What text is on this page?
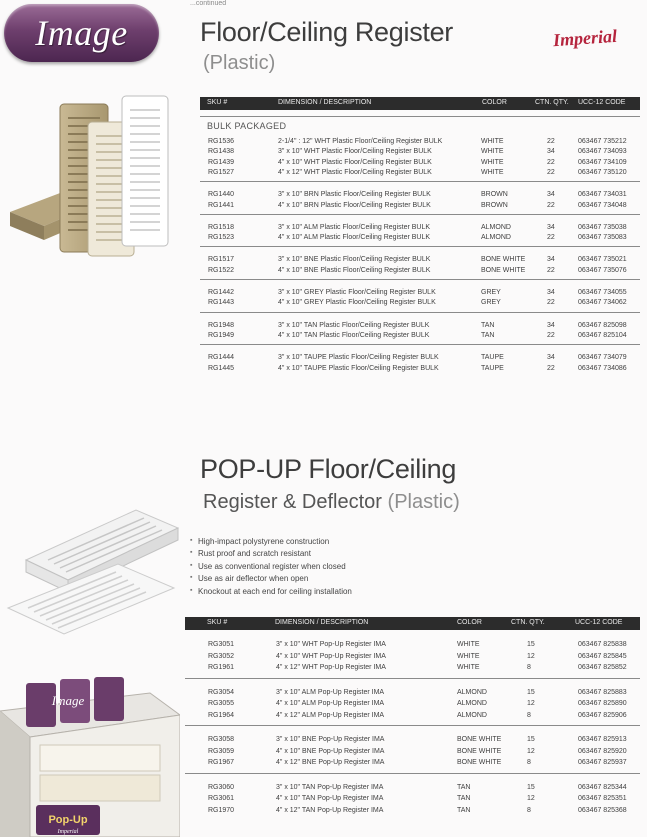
...continued
Image	Floor/Ceiling Register
(Plastic)
Imperial
SKU #	DIMENSION / DESCRIPTION	COLOR	CTN. QTY. UCC-12 CODE
BULK PACKAGED
RG1536	2-1/4" : 12" WHT Plastic Floor/Ceiling Register BULK	WHITE	22	063467 735212
RG1438	3" x 10" WHT Plastic Floor/Ceiling Register BULK	WHITE	34	063467 734093
RG1439	4" x 10" WHT Plastic Floor/Ceiling Register BULK	WHITE	22	063467 734109
RG1527	4" x 12" WHT Plastic Floor/Ceiling Register BULK	WHITE	22	063467 735120
RG1440	3" x 10" BRN Plastic Floor/Ceiling Register BULK	BROWN	34	063467 734031
RG1441	4" x 10" BRN Plastic Floor/Ceiling Register BULK	BROWN	22	063467 734048
RG1518	3" x 10" ALM Plastic Floor/Ceiling Register BULK	ALMOND	34	063467 735038
RG1523	4" x 10" ALM Plastic Floor/Ceiling Register BULK	ALMOND	22	063467 735083
RG1517	3" x 10" BNE Plastic Floor/Ceiling Register BULK	BONE WHITE	34	063467 735021
RG1522	4" x 10" BNE Plastic Floor/Ceiling Register BULK	BONE WHITE	22	063467 735076
RG1442	3" x 10" GREY Plastic Floor/Ceiling Register BULK	GREY	34	063467 734055
RG1443	4" x 10" GREY Plastic Floor/Ceiling Register BULK	GREY	22	063467 734062
RG1948	3" x 10" TAN Plastic Floor/Ceiling Register BULK	TAN	34	063467 825098
RG1949	4" x 10" TAN Plastic Floor/Ceiling Register BULK	TAN	22	063467 825104
RG1444	3" x 10" TAUPE Plastic Floor/Ceiling Register BULK	TAUPE	34	063467 734079
RG1445	4" x 10" TAUPE Plastic Floor/Ceiling Register BULK	TAUPE	22	063467 734086
POP-UP Floor/Ceiling
Register & Deflector (Plastic)
▪ High-impact polystyrene construction
▪ Rust proof and scratch resistant
▪ Use as conventional register when closed
▪ Use as air deflector when open
▪ Knockout at each end for ceiling installation
SKU #	DIMENSION / DESCRIPTION	COLOR	CTN. QTY.	UCC-12 CODE
RG3051	3" x 10" WHT Pop-Up Register IMA	WHITE	15	063467 825838
RG3052	4" x 10" WHT Pop-Up Register IMA	WHITE	12	063467 825845
RG1961	4" x 12" WHT Pop-Up Register IMA	WHITE	8	063467 825852
RG3054	3" x 10" ALM Pop-Up Register IMA	ALMOND	15	063467 825883
RG3055	4" x 10" ALM Pop-Up Register IMA	ALMOND	12	063467 825890
RG1964	4" x 12" ALM Pop-Up Register IMA	ALMOND	8	063467 825906
RG3058	3" x 10" BNE Pop-Up Register IMA	BONE WHITE	15	063467 825913
RG3059	4" x 10" BNE Pop-Up Register IMA	BONE WHITE	12	063467 825920
RG1967	4" x 12" BNE Pop-Up Register IMA	BONE WHITE	8	063467 825937
RG3060	3" x 10" TAN Pop-Up Register IMA	TAN	15	063467 825344
RG3061	4" x 10" TAN Pop-Up Register IMA	TAN	12	063467 825351
RG1970	4" x 12" TAN Pop-Up Register IMA	TAN	8	063467 825368
Image
Pop-Up
Imperial
